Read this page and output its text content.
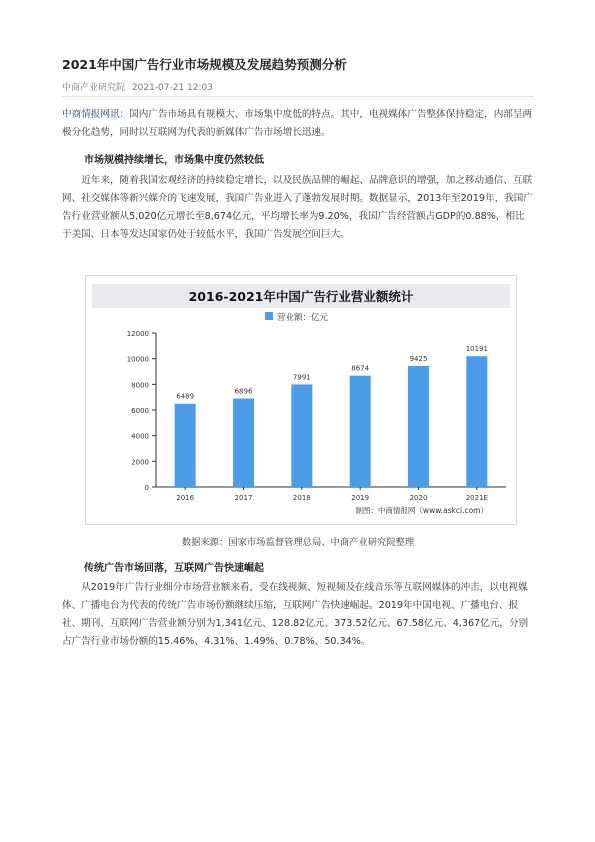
2021年中国广告行业市场规模及发展趋势预测分析
中商产业研究院 2021-07-21 12:03

中商情报网讯：国内广告市场具有规模大、市场集中度低的特点。其中，电视媒体广告整体保持稳定，内部呈两极分化趋势，同时以互联网为代表的新媒体广告市场增长迅速。

市场规模持续增长，市场集中度仍然较低

近年来，随着我国宏观经济的持续稳定增长，以及民族品牌的崛起、品牌意识的增强，加之移动通信、互联网、社交媒体等新兴媒介的飞速发展，我国广告业进入了蓬勃发展时期。数据显示，2013年至2019年，我国广告行业营业额从5,020亿元增长至8,674亿元，平均增长率为9.20%，我国广告经营额占GDP的0.88%，相比于美国、日本等发达国家仍处于较低水平，我国广告发展空间巨大。

2016-2021年中国广告行业营业额统计
营业额：亿元
0
2000
4000
6000
8000
10000
12000
6489
2016
6896
2017
7991
2018
8674
2019
9425
2020
10191
2021E
制图：中商情报网（www.askci.com）
数据来源：国家市场监督管理总局、中商产业研究院整理
传统广告市场回落，互联网广告快速崛起

从2019年广告行业细分市场营业额来看，受在线视频、短视频及在线音乐等互联网媒体的冲击，以电视媒体、广播电台为代表的传统广告市场份额继续压缩，互联网广告快速崛起。2019年中国电视、广播电台、报社、期刊、互联网广告营业额分别为1,341亿元、128.82亿元、373.52亿元、67.58亿元、4,367亿元，分别占广告行业市场份额的15.46%、4.31%、1.49%、0.78%、50.34%。
